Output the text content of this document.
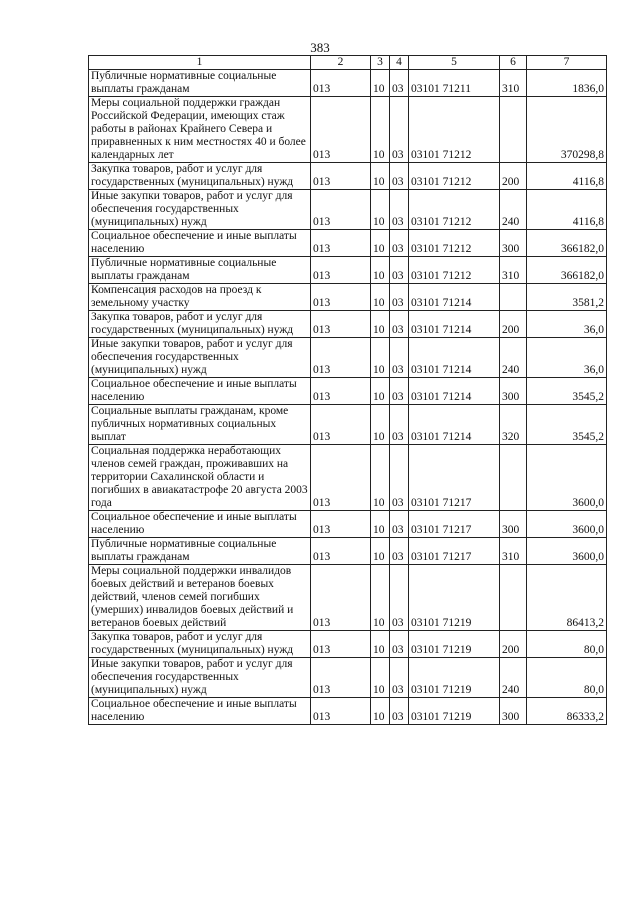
383
1	2	3	4	5	6	7
Публичные нормативные социальные выплаты гражданам	013	10	03	03101 71211	310	1836,0
Меры социальной поддержки граждан Российской Федерации, имеющих стаж работы в районах Крайнего Севера и приравненных к ним местностях 40 и более календарных лет	013	10	03	03101 71212		370298,8
Закупка товаров, работ и услуг для государственных (муниципальных) нужд	013	10	03	03101 71212	200	4116,8
Иные закупки товаров, работ и услуг для обеспечения государственных (муниципальных) нужд	013	10	03	03101 71212	240	4116,8
Социальное обеспечение и иные выплаты населению	013	10	03	03101 71212	300	366182,0
Публичные нормативные социальные выплаты гражданам	013	10	03	03101 71212	310	366182,0
Компенсация расходов на проезд к земельному участку	013	10	03	03101 71214		3581,2
Закупка товаров, работ и услуг для государственных (муниципальных) нужд	013	10	03	03101 71214	200	36,0
Иные закупки товаров, работ и услуг для обеспечения государственных (муниципальных) нужд	013	10	03	03101 71214	240	36,0
Социальное обеспечение и иные выплаты населению	013	10	03	03101 71214	300	3545,2
Социальные выплаты гражданам, кроме публичных нормативных социальных выплат	013	10	03	03101 71214	320	3545,2
Социальная поддержка неработающих членов семей граждан, проживавших на территории Сахалинской области и погибших в авиакатастрофе 20 августа 2003 года	013	10	03	03101 71217		3600,0
Социальное обеспечение и иные выплаты населению	013	10	03	03101 71217	300	3600,0
Публичные нормативные социальные выплаты гражданам	013	10	03	03101 71217	310	3600,0
Меры социальной поддержки инвалидов боевых действий и ветеранов боевых действий, членов семей погибших (умерших) инвалидов боевых действий и ветеранов боевых действий	013	10	03	03101 71219		86413,2
Закупка товаров, работ и услуг для государственных (муниципальных) нужд	013	10	03	03101 71219	200	80,0
Иные закупки товаров, работ и услуг для обеспечения государственных (муниципальных) нужд	013	10	03	03101 71219	240	80,0
Социальное обеспечение и иные выплаты населению	013	10	03	03101 71219	300	86333,2
